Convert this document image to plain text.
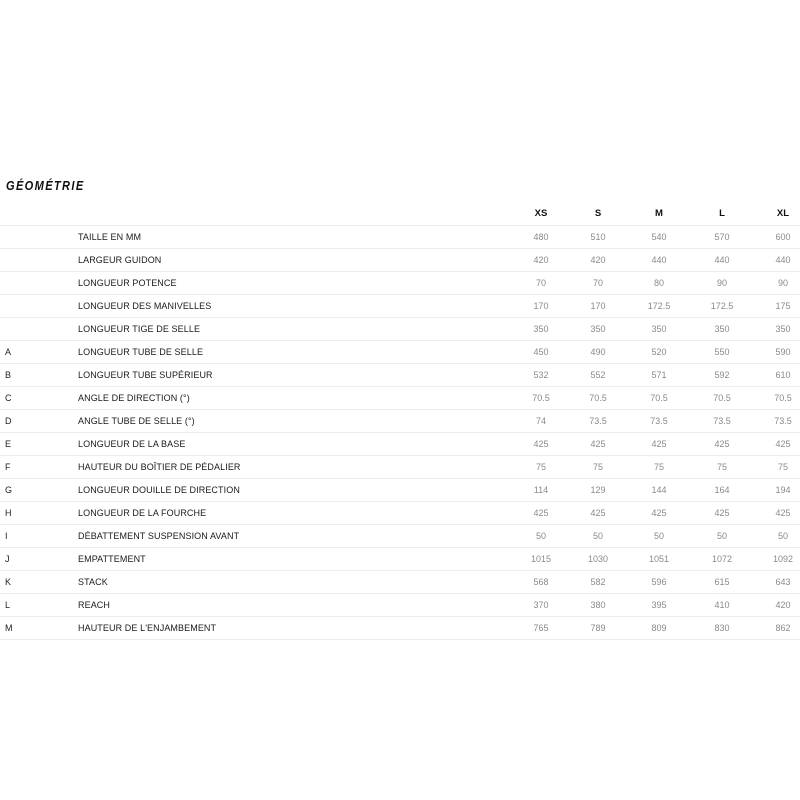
GÉOMÉTRIE
XS	S	M	L	XL
TAILLE EN MM	480	510	540	570	600
LARGEUR GUIDON	420	420	440	440	440
LONGUEUR POTENCE	70	70	80	90	90
LONGUEUR DES MANIVELLES	170	170	172.5	172.5	175
LONGUEUR TIGE DE SELLE	350	350	350	350	350
A	LONGUEUR TUBE DE SELLE	450	490	520	550	590
B	LONGUEUR TUBE SUPÉRIEUR	532	552	571	592	610
C	ANGLE DE DIRECTION (°)	70.5	70.5	70.5	70.5	70.5
D	ANGLE TUBE DE SELLE (°)	74	73.5	73.5	73.5	73.5
E	LONGUEUR DE LA BASE	425	425	425	425	425
F	HAUTEUR DU BOÎTIER DE PÉDALIER	75	75	75	75	75
G	LONGUEUR DOUILLE DE DIRECTION	114	129	144	164	194
H	LONGUEUR DE LA FOURCHE	425	425	425	425	425
I	DÉBATTEMENT SUSPENSION AVANT	50	50	50	50	50
J	EMPATTEMENT	1015	1030	1051	1072	1092
K	STACK	568	582	596	615	643
L	REACH	370	380	395	410	420
M	HAUTEUR DE L'ENJAMBEMENT	765	789	809	830	862
